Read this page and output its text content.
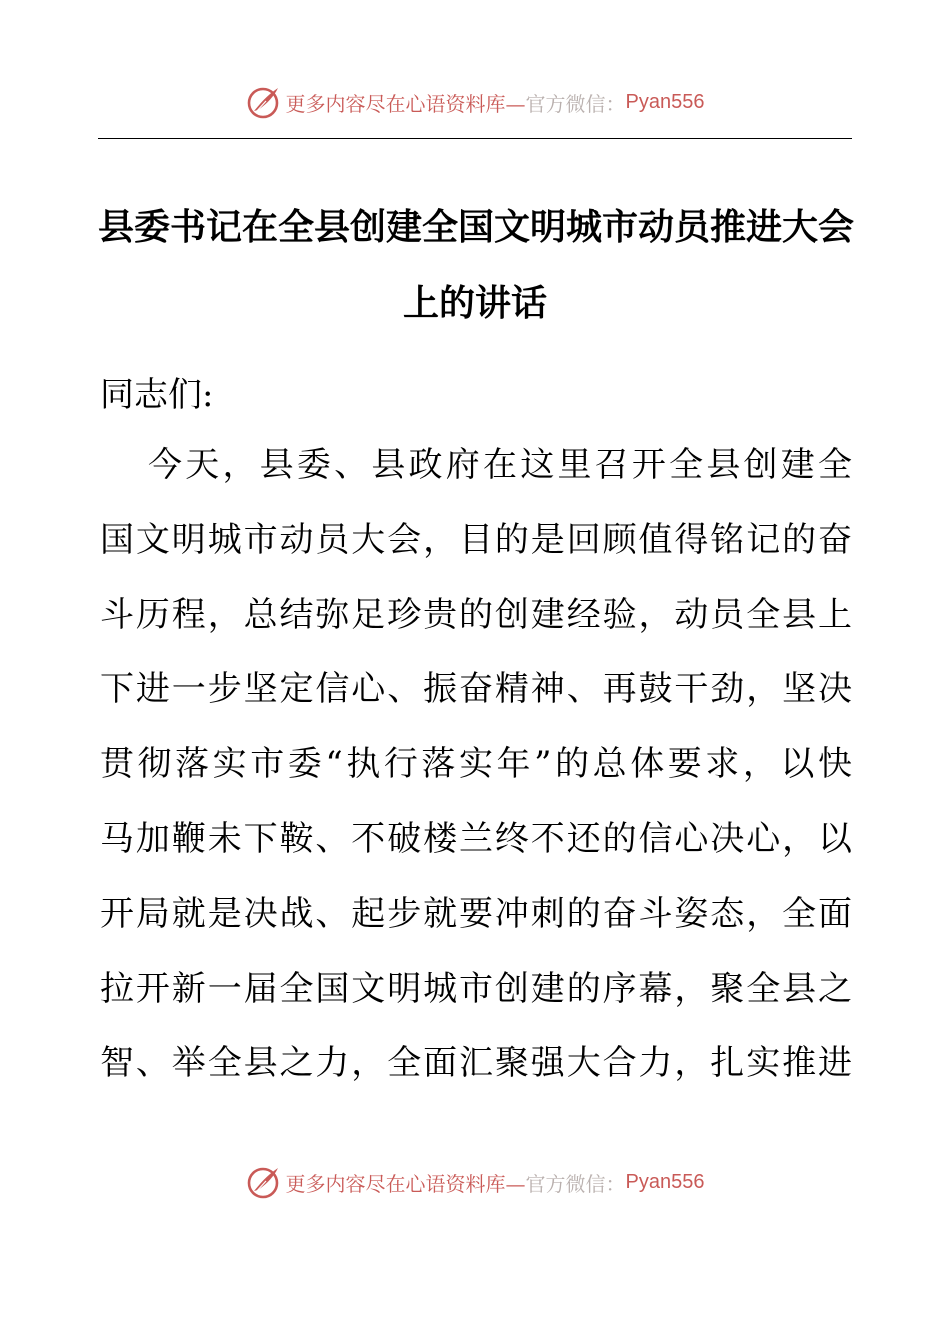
更多内容尽在心语资料库— 官方微信： Pyan556
县委书记在全县创建全国文明城市动员推进大会
上的讲话

同志们:

今天，县委、县政府在这里召开全县创建全
国文明城市动员大会，目的是回顾值得铭记的奋
斗历程，总结弥足珍贵的创建经验，动员全县上
下进一步坚定信心、振奋精神、再鼓干劲，坚决
贯彻落实市委“执行落实年”的总体要求，以快
马加鞭未下鞍、不破楼兰终不还的信心决心，以
开局就是决战、起步就要冲刺的奋斗姿态，全面
拉开新一届全国文明城市创建的序幕，聚全县之
智、举全县之力，全面汇聚强大合力，扎实推进
更多内容尽在心语资料库— 官方微信： Pyan556
